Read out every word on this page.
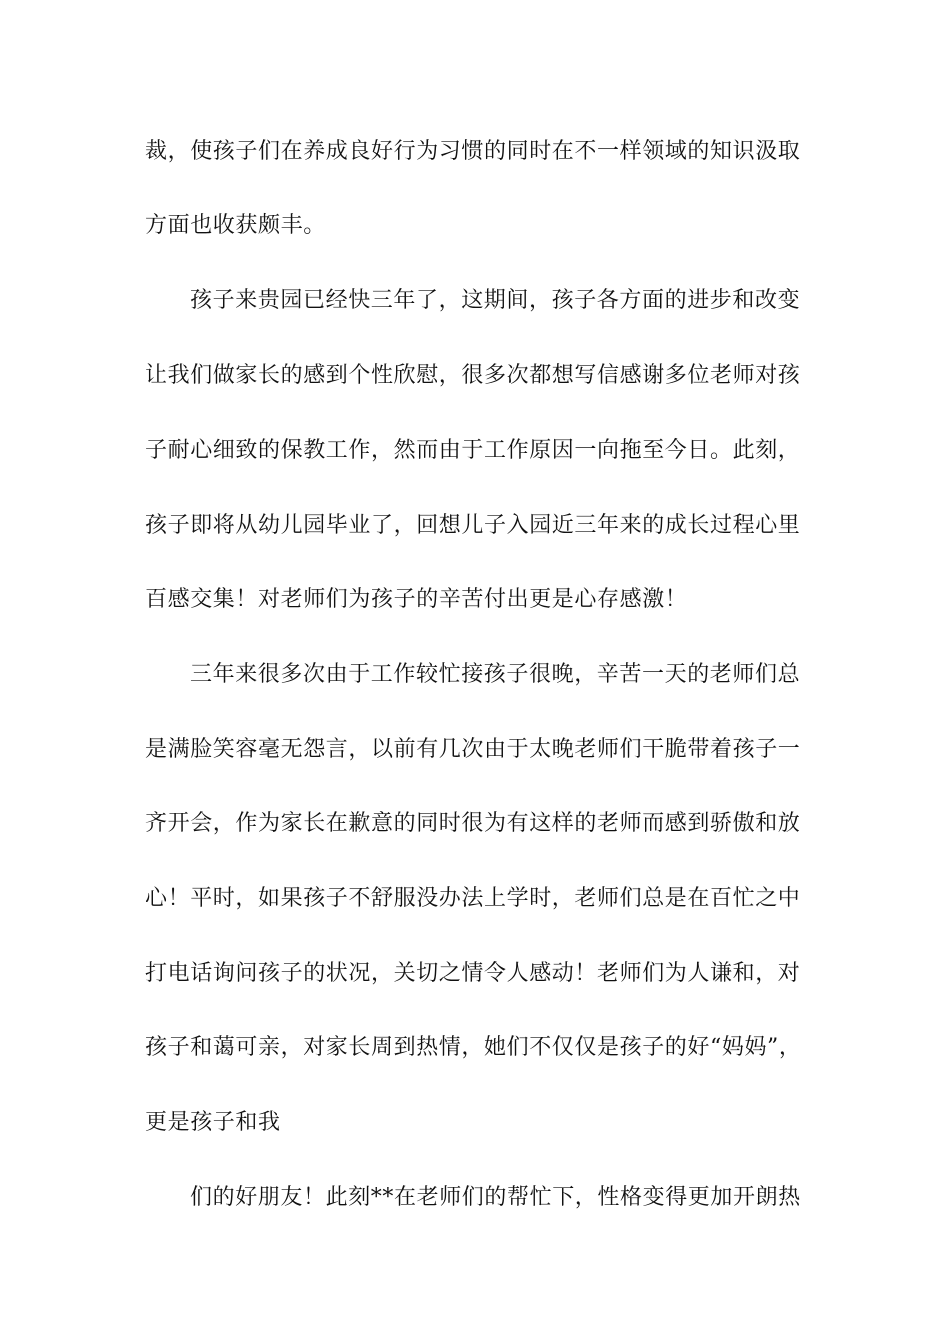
裁，使孩子们在养成良好行为习惯的同时在不一样领域的知识汲取
方面也收获颇丰。
孩子来贵园已经快三年了，这期间，孩子各方面的进步和改变
让我们做家长的感到个性欣慰，很多次都想写信感谢多位老师对孩
子耐心细致的保教工作，然而由于工作原因一向拖至今日。此刻，
孩子即将从幼儿园毕业了，回想儿子入园近三年来的成长过程心里
百感交集！对老师们为孩子的辛苦付出更是心存感激！
三年来很多次由于工作较忙接孩子很晚，辛苦一天的老师们总
是满脸笑容毫无怨言，以前有几次由于太晚老师们干脆带着孩子一
齐开会，作为家长在歉意的同时很为有这样的老师而感到骄傲和放
心！平时，如果孩子不舒服没办法上学时，老师们总是在百忙之中
打电话询问孩子的状况，关切之情令人感动！老师们为人谦和，对
孩子和蔼可亲，对家长周到热情，她们不仅仅是孩子的好“妈妈”，
更是孩子和我
们的好朋友！此刻**在老师们的帮忙下，性格变得更加开朗热
